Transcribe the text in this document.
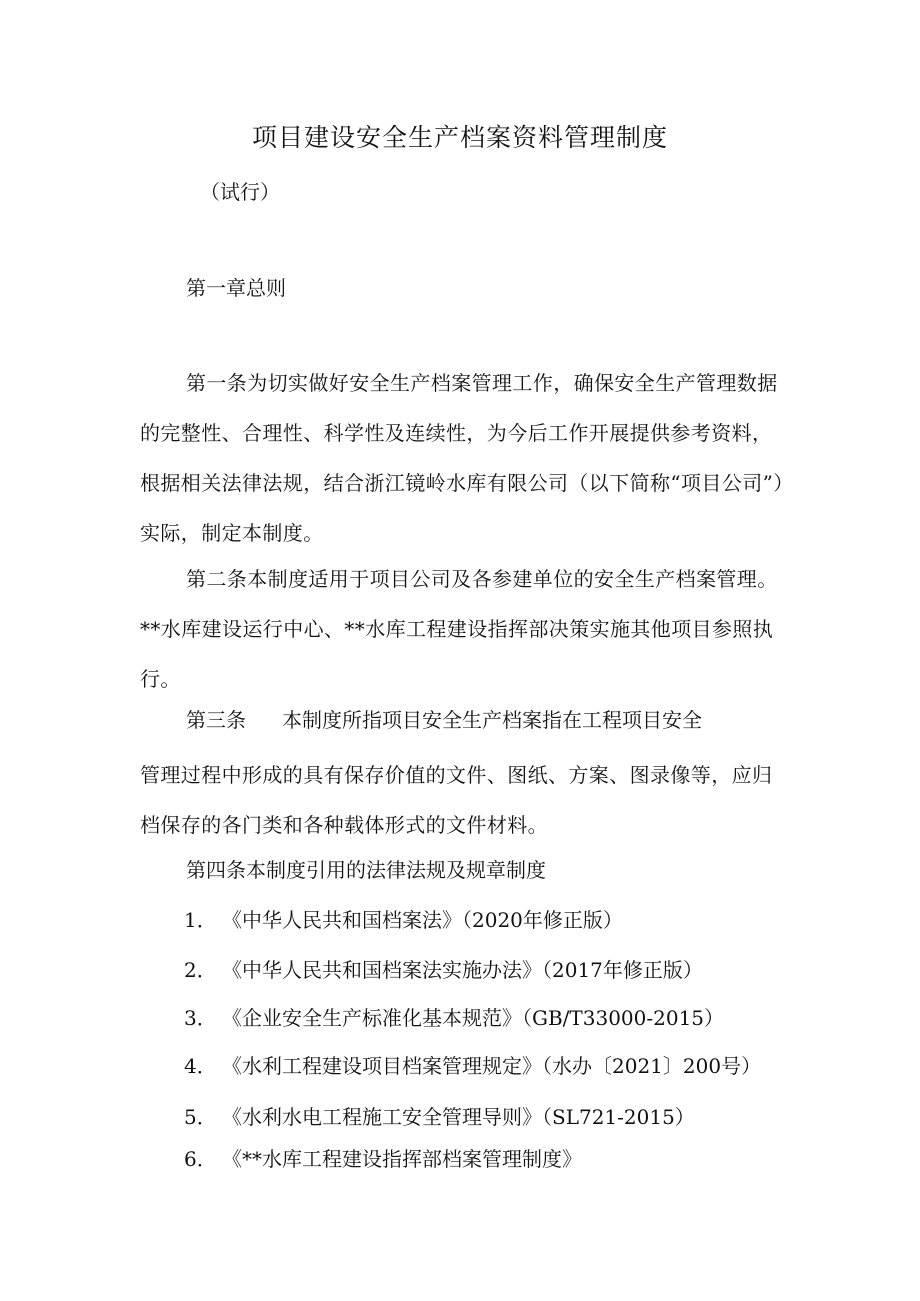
项目建设安全生产档案资料管理制度

（试行）

第一章总则

第一条为切实做好安全生产档案管理工作，确保安全生产管理数据的完整性、合理性、科学性及连续性，为今后工作开展提供参考资料，根据相关法律法规，结合浙江镜岭水库有限公司（以下简称“项目公司”）实际，制定本制度。

第二条本制度适用于项目公司及各参建单位的安全生产档案管理。**水库建设运行中心、**水库工程建设指挥部决策实施其他项目参照执行。

第三条 本制度所指项目安全生产档案指在工程项目安全

管理过程中形成的具有保存价值的文件、图纸、方案、图录像等，应归档保存的各门类和各种载体形式的文件材料。

第四条本制度引用的法律法规及规章制度

1． 《中华人民共和国档案法》（2020年修正版）
2． 《中华人民共和国档案法实施办法》（2017年修正版）
3． 《企业安全生产标准化基本规范》（GB/T33000-2015）
4． 《水利工程建设项目档案管理规定》（水办〔2021〕200号）
5． 《水利水电工程施工安全管理导则》（SL721-2015）
6． 《**水库工程建设指挥部档案管理制度》
